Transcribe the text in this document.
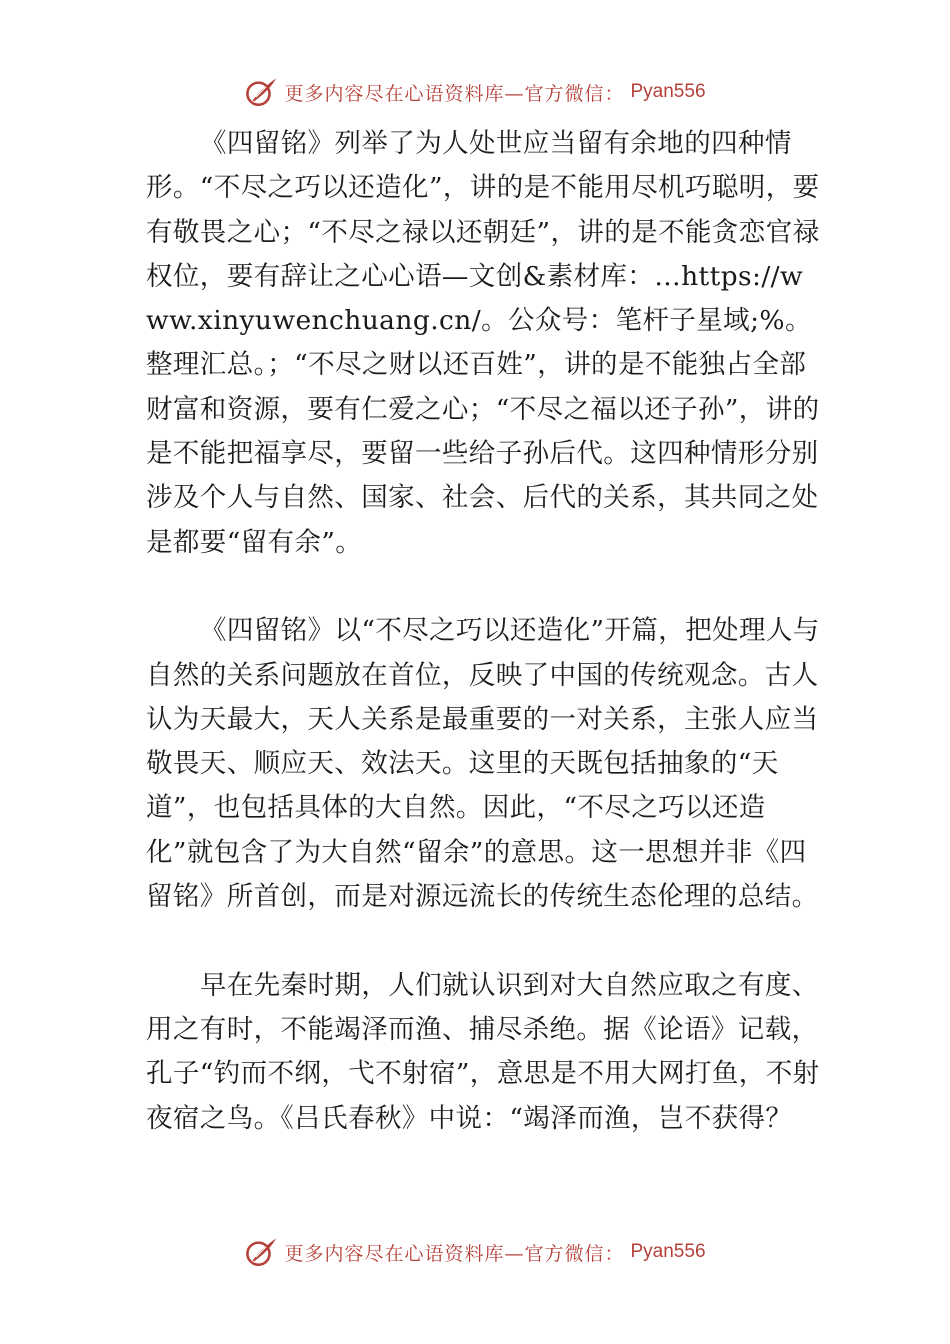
更多内容尽在心语资料库—官方微信： Pyan556

《四留铭》列举了为人处世应当留有余地的四种情形。“不尽之巧以还造化”，讲的是不能用尽机巧聪明，要有敬畏之心；“不尽之禄以还朝廷”，讲的是不能贪恋官禄权位，要有辞让之心心语—文创&素材库：…https://www.xinyuwenchuang.cn/。公众号：笔杆子星域;%。整理汇总。；“不尽之财以还百姓”，讲的是不能独占全部财富和资源，要有仁爱之心；“不尽之福以还子孙”，讲的是不能把福享尽，要留一些给子孙后代。这四种情形分别涉及个人与自然、国家、社会、后代的关系，其共同之处是都要“留有余”。

《四留铭》以“不尽之巧以还造化”开篇，把处理人与自然的关系问题放在首位，反映了中国的传统观念。古人认为天最大，天人关系是最重要的一对关系，主张人应当敬畏天、顺应天、效法天。这里的天既包括抽象的“天道”，也包括具体的大自然。因此，“不尽之巧以还造化”就包含了为大自然“留余”的意思。这一思想并非《四留铭》所首创，而是对源远流长的传统生态伦理的总结。

早在先秦时期，人们就认识到对大自然应取之有度、用之有时，不能竭泽而渔、捕尽杀绝。据《论语》记载，孔子“钓而不纲，弋不射宿”，意思是不用大网打鱼，不射夜宿之鸟。《吕氏春秋》中说：“竭泽而渔，岂不获得？

更多内容尽在心语资料库—官方微信： Pyan556
